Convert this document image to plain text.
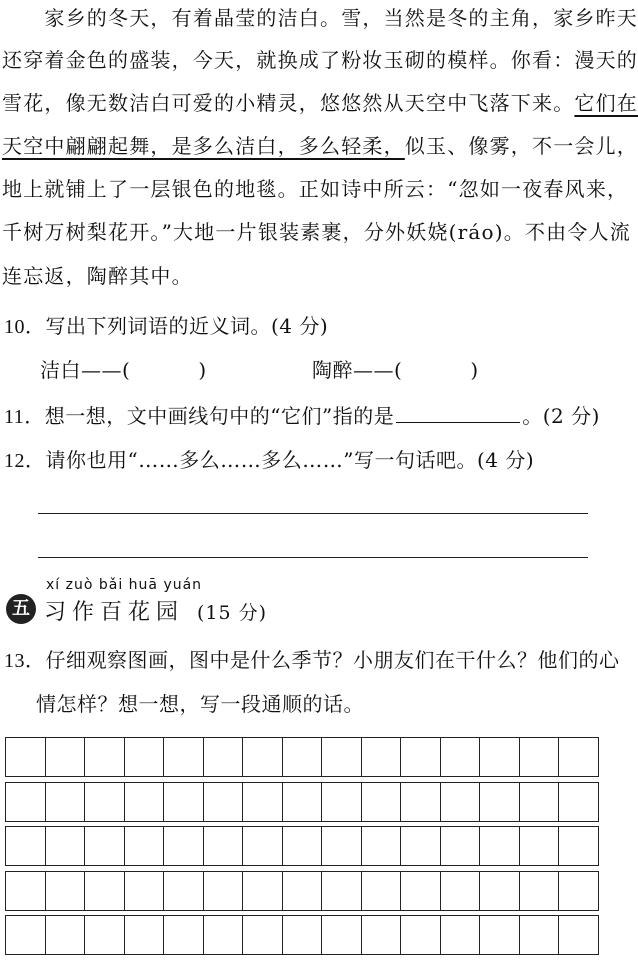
　　家乡的冬天，有着晶莹的洁白。雪，当然是冬的主角，家乡昨天
还穿着金色的盛装，今天，就换成了粉妆玉砌的模样。你看：漫天的
雪花，像无数洁白可爱的小精灵，悠悠然从天空中飞落下来。它们在
天空中翩翩起舞，是多么洁白，多么轻柔，似玉、像雾，不一会儿，
地上就铺上了一层银色的地毯。正如诗中所云：“忽如一夜春风来，
千树万树梨花开。”大地一片银装素裹，分外妖娆(ráo)。不由令人流
连忘返，陶醉其中。
10．写出下列词语的近义词。(4 分)
洁白——(	)	陶醉——(	)
11．想一想，文中画线句中的“它们”指的是	。(2 分)
12．请你也用“……多么……多么……”写一句话吧。(4 分)
五
xí zuò bǎi huā yuán
习作百花园 (15 分)
13．仔细观察图画，图中是什么季节？小朋友们在干什么？他们的心
情怎样？想一想，写一段通顺的话。
